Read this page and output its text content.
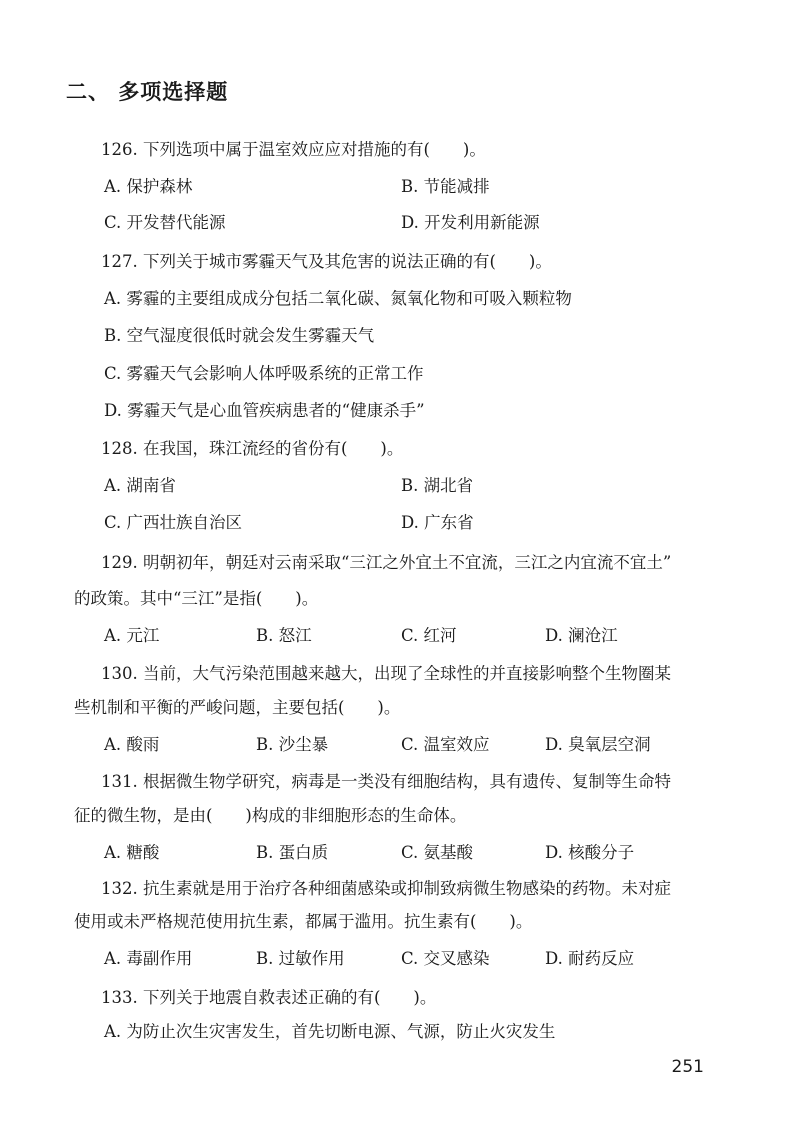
二、 多项选择题
126. 下列选项中属于温室效应应对措施的有(　　)。
A. 保护森林	B. 节能减排
C. 开发替代能源	D. 开发利用新能源
127. 下列关于城市雾霾天气及其危害的说法正确的有(　　)。
A. 雾霾的主要组成成分包括二氧化碳、氮氧化物和可吸入颗粒物
B. 空气湿度很低时就会发生雾霾天气
C. 雾霾天气会影响人体呼吸系统的正常工作
D. 雾霾天气是心血管疾病患者的“健康杀手”
128. 在我国，珠江流经的省份有(　　)。
A. 湖南省	B. 湖北省
C. 广西壮族自治区	D. 广东省
129. 明朝初年，朝廷对云南采取“三江之外宜土不宜流，三江之内宜流不宜土”
的政策。其中“三江”是指(　　)。
A. 元江	B. 怒江	C. 红河	D. 澜沧江
130. 当前，大气污染范围越来越大，出现了全球性的并直接影响整个生物圈某
些机制和平衡的严峻问题，主要包括(　　)。
A. 酸雨	B. 沙尘暴	C. 温室效应	D. 臭氧层空洞
131. 根据微生物学研究，病毒是一类没有细胞结构，具有遗传、复制等生命特
征的微生物，是由(　　)构成的非细胞形态的生命体。
A. 糖酸	B. 蛋白质	C. 氨基酸	D. 核酸分子
132. 抗生素就是用于治疗各种细菌感染或抑制致病微生物感染的药物。未对症
使用或未严格规范使用抗生素，都属于滥用。抗生素有(　　)。
A. 毒副作用	B. 过敏作用	C. 交叉感染	D. 耐药反应
133. 下列关于地震自救表述正确的有(　　)。
A. 为防止次生灾害发生，首先切断电源、气源，防止火灾发生
251
